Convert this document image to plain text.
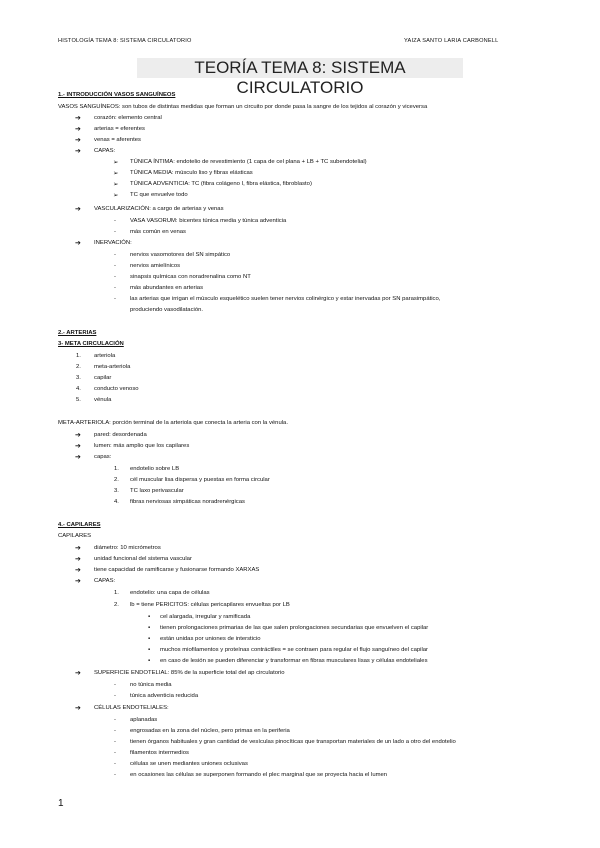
HISTOLOGÍA TEMA 8: SISTEMA CIRCULATORIO	YAIZA SANTO LARIA CARBONELL
TEORÍA TEMA 8: SISTEMA CIRCULATORIO
1.- INTRODUCCIÓN VASOS SANGUÍNEOS
VASOS SANGUÍNEOS: son tubos de distintas medidas que forman un circuito por donde pasa la sangre de los tejidos al corazón y viceversa
➔ corazón: elemento central
➔ arterias = eferentes
➔ venas = aferentes
➔ CAPAS:
➢ TÚNICA ÍNTIMA: endotelio de revestimiento (1 capa de cel plana + LB + TC subendotelial)
➢ TÚNICA MEDIA: músculo liso y fibras elásticas
➢ TÚNICA ADVENTICIA: TC (fibra colágeno I, fibra elástica, fibroblasto)
➢ TC que envuelve todo
➔ VASCULARIZACIÓN: a cargo de arterias y venas
- VASA VASORUM: bicentes túnica media y túnica adventicia
- más común en venas
➔ INERVACIÓN:
- nervios vasomotores del SN simpático
- nervios amielínicos
- sinapsis químicas con noradrenalina como NT
- más abundantes en arterias
- las arterias que irrigan el músculo esquelético suelen tener nervios colinérgico y estar inervadas por SN parasimpático,
produciendo vasodilatación.
2.- ARTERIAS
3- META CIRCULACIÓN
1. arteriola
2. meta-arteriola
3. capilar
4. conducto venoso
5. vénula
META-ARTERIOLA: porción terminal de la arteriola que conecta la arteria con la vénula.
➔ pared: desordenada
➔ lumen: más amplio que los capilares
➔ capas:
1. endotelio sobre LB
2. cél muscular lisa dispersa y puestas en forma circular
3. TC laxo perivascular
4. fibras nerviosas simpáticas noradrenérgicas
4.- CAPILARES
CAPILARES
➔ diámetro: 10 micrómetros
➔ unidad funcional del sistema vascular
➔ tiene capacidad de ramificarse y fusionarse formando XARXAS
➔ CAPAS:
1. endotelio: una capa de células
2. lb = tiene PERICITOS: células pericapilares envueltas por LB
▪ cel alargada, irregular y ramificada
▪ tienen prolongaciones primarias de las que salen prolongaciones secundarias que envuelven el capilar
▪ están unidas por uniones de intersticio
▪ muchos miofilamentos y proteínas contráctiles = se contraen para regular el flujo sanguíneo del capilar
▪ en caso de lesión se pueden diferenciar y transformar en fibras musculares lisas y células endoteliales
➔ SUPERFICIE ENDOTELIAL: 85% de la superficie total del ap circulatorio
- no túnica media
- túnica adventicia reducida
➔ CÉLULAS ENDOTELIALES:
- aplanadas
- engrosadas en la zona del núcleo, pero primas en la periferia
- tienen órganos habituales y gran cantidad de vesículas pinocíticas que transportan materiales de un lado a otro del endotelio
- filamentos intermedios
- células se unen mediantes uniones oclusivas
- en ocasiones las células se superponen formando el plec marginal que se proyecta hacia el lumen
1
